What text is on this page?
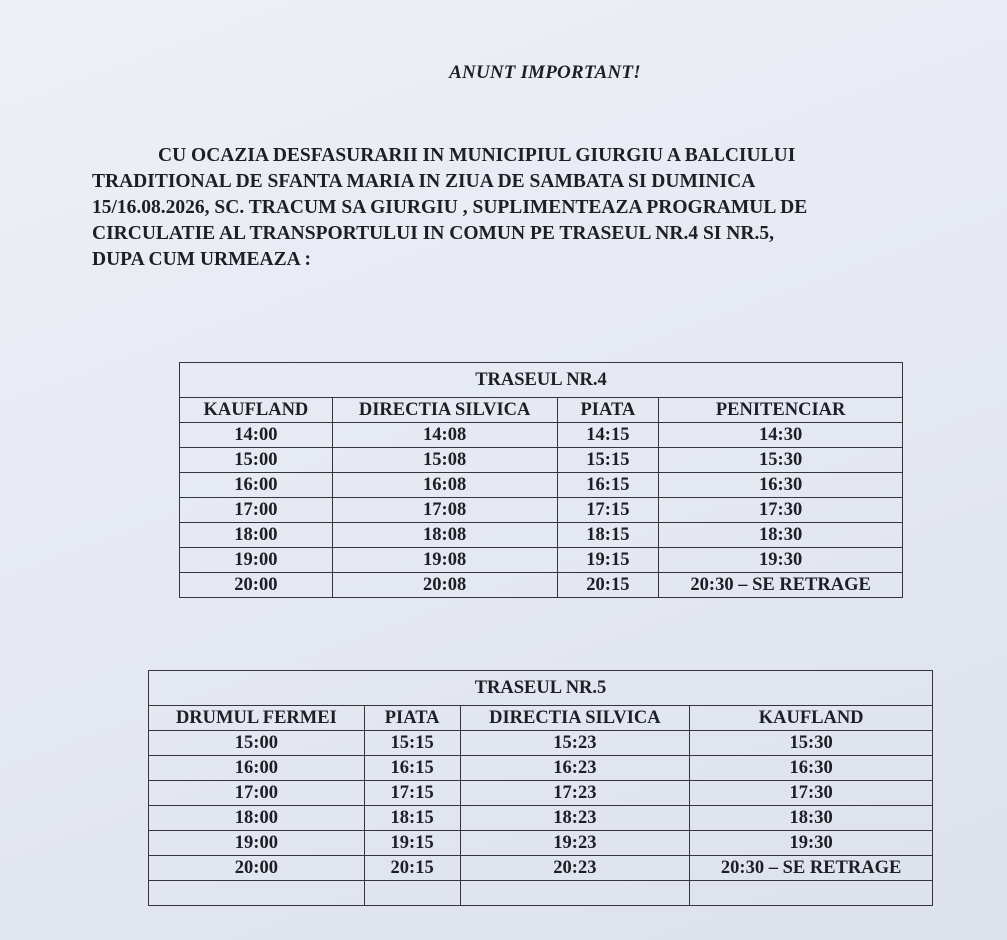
ANUNT IMPORTANT!
CU OCAZIA DESFASURARII IN MUNICIPIUL GIURGIU A BALCIULUI
TRADITIONAL DE SFANTA MARIA IN ZIUA DE SAMBATA SI DUMINICA
15/16.08.2026, SC. TRACUM SA GIURGIU , SUPLIMENTEAZA PROGRAMUL DE
CIRCULATIE AL TRANSPORTULUI IN COMUN PE TRASEUL NR.4 SI NR.5,
DUPA CUM URMEAZA :
TRASEUL NR.4			
KAUFLAND	DIRECTIA SILVICA	PIATA	PENITENCIAR
14:00	14:08	14:15	14:30
15:00	15:08	15:15	15:30
16:00	16:08	16:15	16:30
17:00	17:08	17:15	17:30
18:00	18:08	18:15	18:30
19:00	19:08	19:15	19:30
20:00	20:08	20:15	20:30 – SE RETRAGE
TRASEUL NR.5			
DRUMUL FERMEI	PIATA	DIRECTIA SILVICA	KAUFLAND
15:00	15:15	15:23	15:30
16:00	16:15	16:23	16:30
17:00	17:15	17:23	17:30
18:00	18:15	18:23	18:30
19:00	19:15	19:23	19:30
20:00	20:15	20:23	20:30 – SE RETRAGE
